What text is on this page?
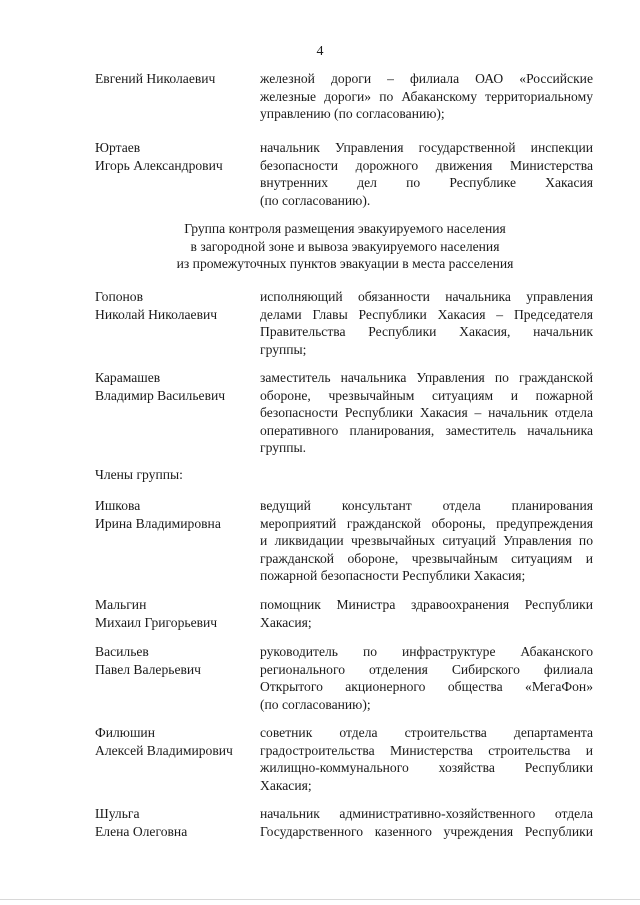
4
Евгений Николаевич	железной дороги – филиала ОАО «Российские
железные дороги» по Абаканскому территориальному
управлению (по согласованию);
Юртаев
Игорь Александрович
начальник Управления государственной инспекции
безопасности дорожного движения Министерства
внутренних дел по Республике Хакасия
(по согласованию).
Группа контроля размещения эвакуируемого населения
в загородной зоне и вывоза эвакуируемого населения
из промежуточных пунктов эвакуации в места расселения
Гопонов
Николай Николаевич
исполняющий обязанности начальника управления
делами Главы Республики Хакасия – Председателя
Правительства Республики Хакасия, начальник
группы;
Карамашев
Владимир Васильевич
заместитель начальника Управления по гражданской
обороне, чрезвычайным ситуациям и пожарной
безопасности Республики Хакасия – начальник отдела
оперативного планирования, заместитель начальника
группы.
Члены группы:
Ишкова
Ирина Владимировна
ведущий консультант отдела планирования
мероприятий гражданской обороны, предупреждения
и ликвидации чрезвычайных ситуаций Управления по
гражданской обороне, чрезвычайным ситуациям и
пожарной безопасности Республики Хакасия;
Мальгин
Михаил Григорьевич
помощник Министра здравоохранения Республики
Хакасия;
Васильев
Павел Валерьевич
руководитель по инфраструктуре Абаканского
регионального отделения Сибирского филиала
Открытого акционерного общества «МегаФон»
(по согласованию);
Филюшин
Алексей Владимирович
советник отдела строительства департамента
градостроительства Министерства строительства и
жилищно-коммунального хозяйства Республики
Хакасия;
Шульга
Елена Олеговна
начальник административно-хозяйственного отдела
Государственного казенного учреждения Республики
